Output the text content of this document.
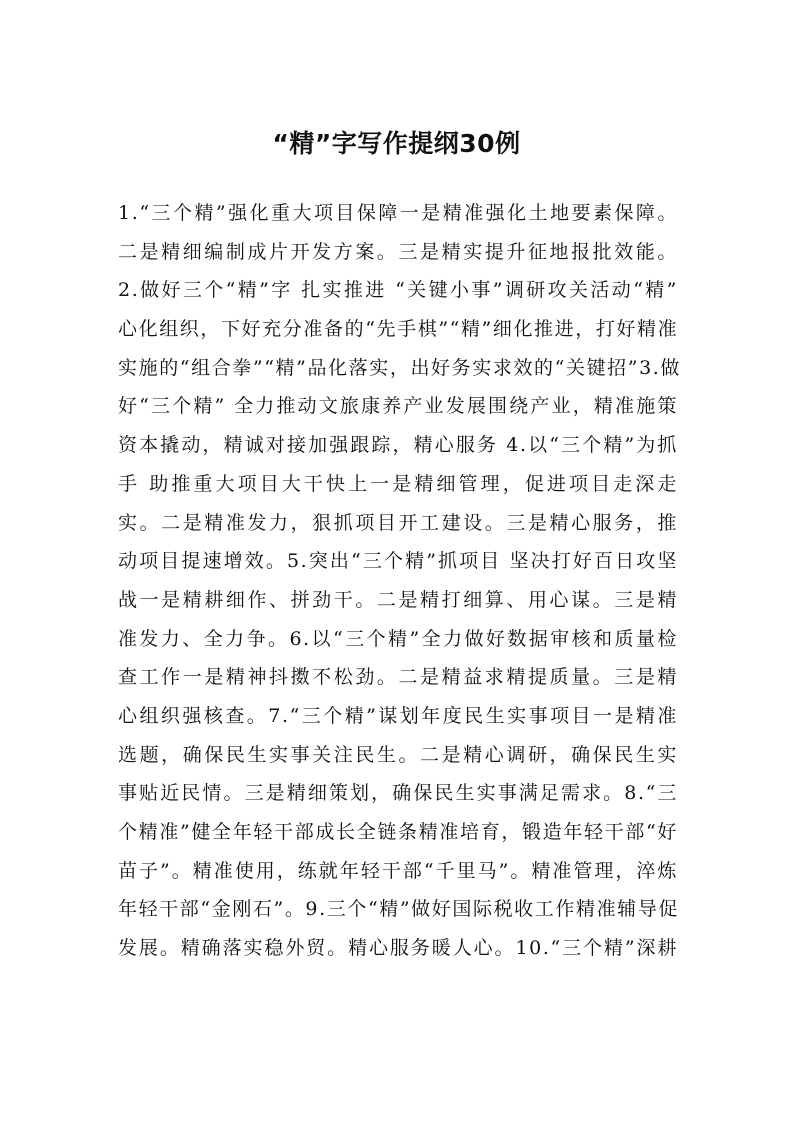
“精”字写作提纲30例
1.“三个精”强化重大项目保障一是精准强化土地要素保障。
二是精细编制成片开发方案。三是精实提升征地报批效能。
2.做好三个“精”字 扎实推进 “关键小事”调研攻关活动“精”
心化组织，下好充分准备的“先手棋”“精”细化推进，打好精准
实施的“组合拳”“精”品化落实，出好务实求效的“关键招”3.做
好“三个精” 全力推动文旅康养产业发展围绕产业，精准施策
资本撬动，精诚对接加强跟踪，精心服务 4.以“三个精”为抓
手 助推重大项目大干快上一是精细管理，促进项目走深走
实。二是精准发力，狠抓项目开工建设。三是精心服务，推
动项目提速增效。5.突出“三个精”抓项目 坚决打好百日攻坚
战一是精耕细作、拼劲干。二是精打细算、用心谋。三是精
准发力、全力争。6.以“三个精”全力做好数据审核和质量检
查工作一是精神抖擞不松劲。二是精益求精提质量。三是精
心组织强核查。7.“三个精”谋划年度民生实事项目一是精准
选题，确保民生实事关注民生。二是精心调研，确保民生实
事贴近民情。三是精细策划，确保民生实事满足需求。8.“三
个精准”健全年轻干部成长全链条精准培育，锻造年轻干部“好
苗子”。精准使用，练就年轻干部“千里马”。精准管理，淬炼
年轻干部“金刚石”。9.三个“精”做好国际税收工作精准辅导促
发展。精确落实稳外贸。精心服务暖人心。10.“三个精”深耕
